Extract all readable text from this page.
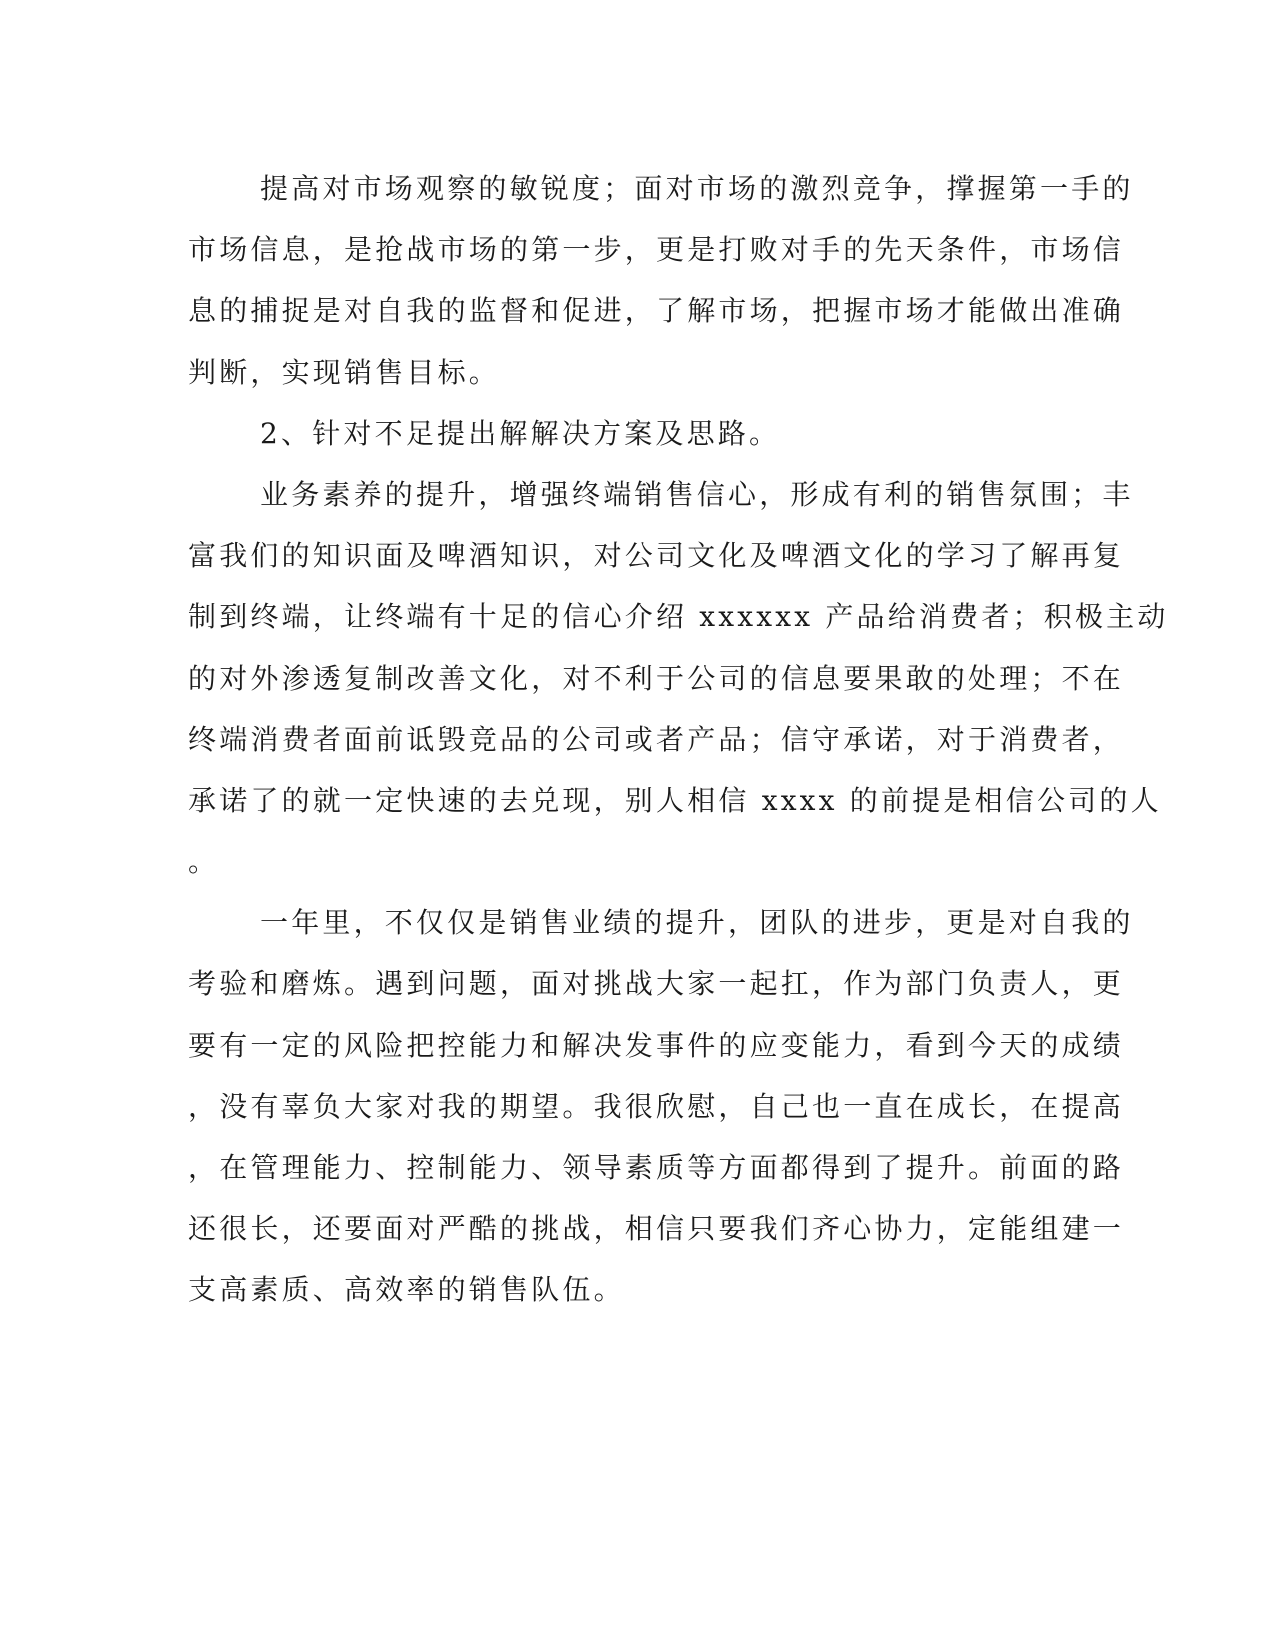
提高对市场观察的敏锐度；面对市场的激烈竞争，撑握第一手的
市场信息，是抢战市场的第一步，更是打败对手的先天条件，市场信
息的捕捉是对自我的监督和促进，了解市场，把握市场才能做出准确
判断，实现销售目标。
2、针对不足提出解解决方案及思路。
业务素养的提升，增强终端销售信心，形成有利的销售氛围；丰
富我们的知识面及啤酒知识，对公司文化及啤酒文化的学习了解再复
制到终端，让终端有十足的信心介绍 xxxxxx 产品给消费者；积极主动
的对外渗透复制改善文化，对不利于公司的信息要果敢的处理；不在
终端消费者面前诋毁竞品的公司或者产品；信守承诺，对于消费者，
承诺了的就一定快速的去兑现，别人相信 xxxx 的前提是相信公司的人
。
一年里，不仅仅是销售业绩的提升，团队的进步，更是对自我的
考验和磨炼。遇到问题，面对挑战大家一起扛，作为部门负责人，更
要有一定的风险把控能力和解决发事件的应变能力，看到今天的成绩
，没有辜负大家对我的期望。我很欣慰，自己也一直在成长，在提高
，在管理能力、控制能力、领导素质等方面都得到了提升。前面的路
还很长，还要面对严酷的挑战，相信只要我们齐心协力，定能组建一
支高素质、高效率的销售队伍。
